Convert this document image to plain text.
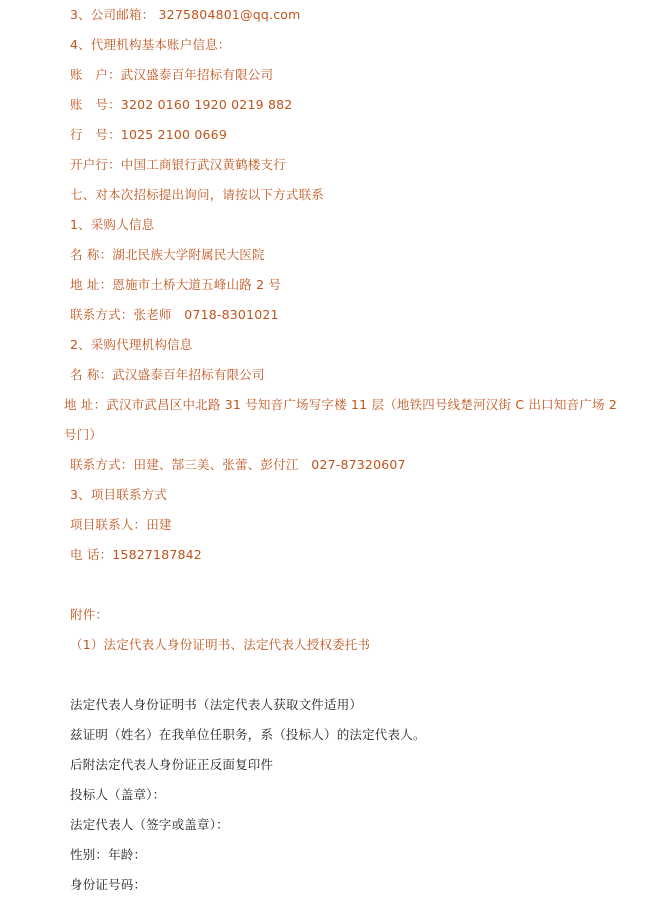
3、公司邮箱： 3275804801@qq.com
4、代理机构基本账户信息：
账　户：武汉盛泰百年招标有限公司
账　号：3202 0160 1920 0219 882
行　号：1025 2100 0669
开户行：中国工商银行武汉黄鹤楼支行
七、对本次招标提出询问，请按以下方式联系
1、采购人信息
名 称：湖北民族大学附属民大医院
地 址：恩施市土桥大道五峰山路 2 号
联系方式：张老师　0718-8301021
2、采购代理机构信息
名 称：武汉盛泰百年招标有限公司
地 址：武汉市武昌区中北路 31 号知音广场写字楼 11 层（地铁四号线楚河汉街 C 出口知音广场 2 号门）
联系方式：田建、郜三美、张蕾、彭付江　027-87320607
3、项目联系方式
项目联系人：田建
电 话：15827187842
附件：
（1）法定代表人身份证明书、法定代表人授权委托书
法定代表人身份证明书（法定代表人获取文件适用）
兹证明（姓名）在我单位任职务，系（投标人）的法定代表人。
后附法定代表人身份证正反面复印件
投标人（盖章）：
法定代表人（签字或盖章）：
性别：年龄：
身份证号码：
